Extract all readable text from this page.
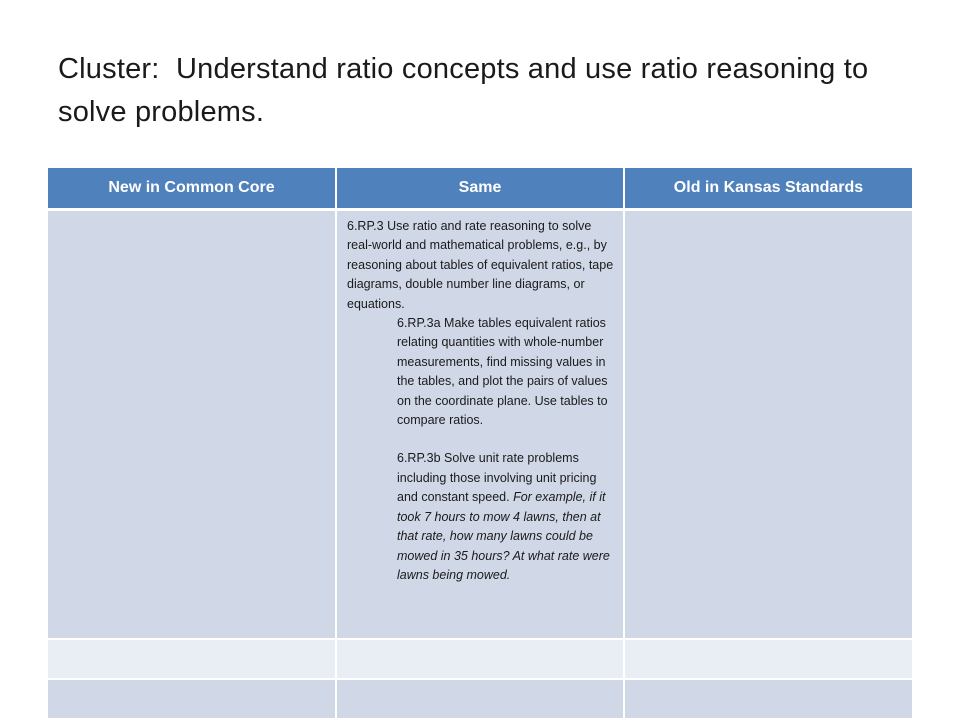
Cluster:  Understand ratio concepts and use ratio reasoning to solve problems.
New in Common Core	Same	Old in Kansas Standards

	6.RP.3 Use ratio and rate reasoning to solve real-world and mathematical problems, e.g., by reasoning about tables of equivalent ratios, tape diagrams, double number line diagrams, or equations.
6.RP.3a Make tables equivalent ratios relating quantities with whole-number measurements, find missing values in the tables, and plot the pairs of values on the coordinate plane. Use tables to compare ratios.
6.RP.3b Solve unit rate problems including those involving unit pricing and constant speed. For example, if it took 7 hours to mow 4 lawns, then at that rate, how many lawns could be mowed in 35 hours? At what rate were lawns being mowed.	
